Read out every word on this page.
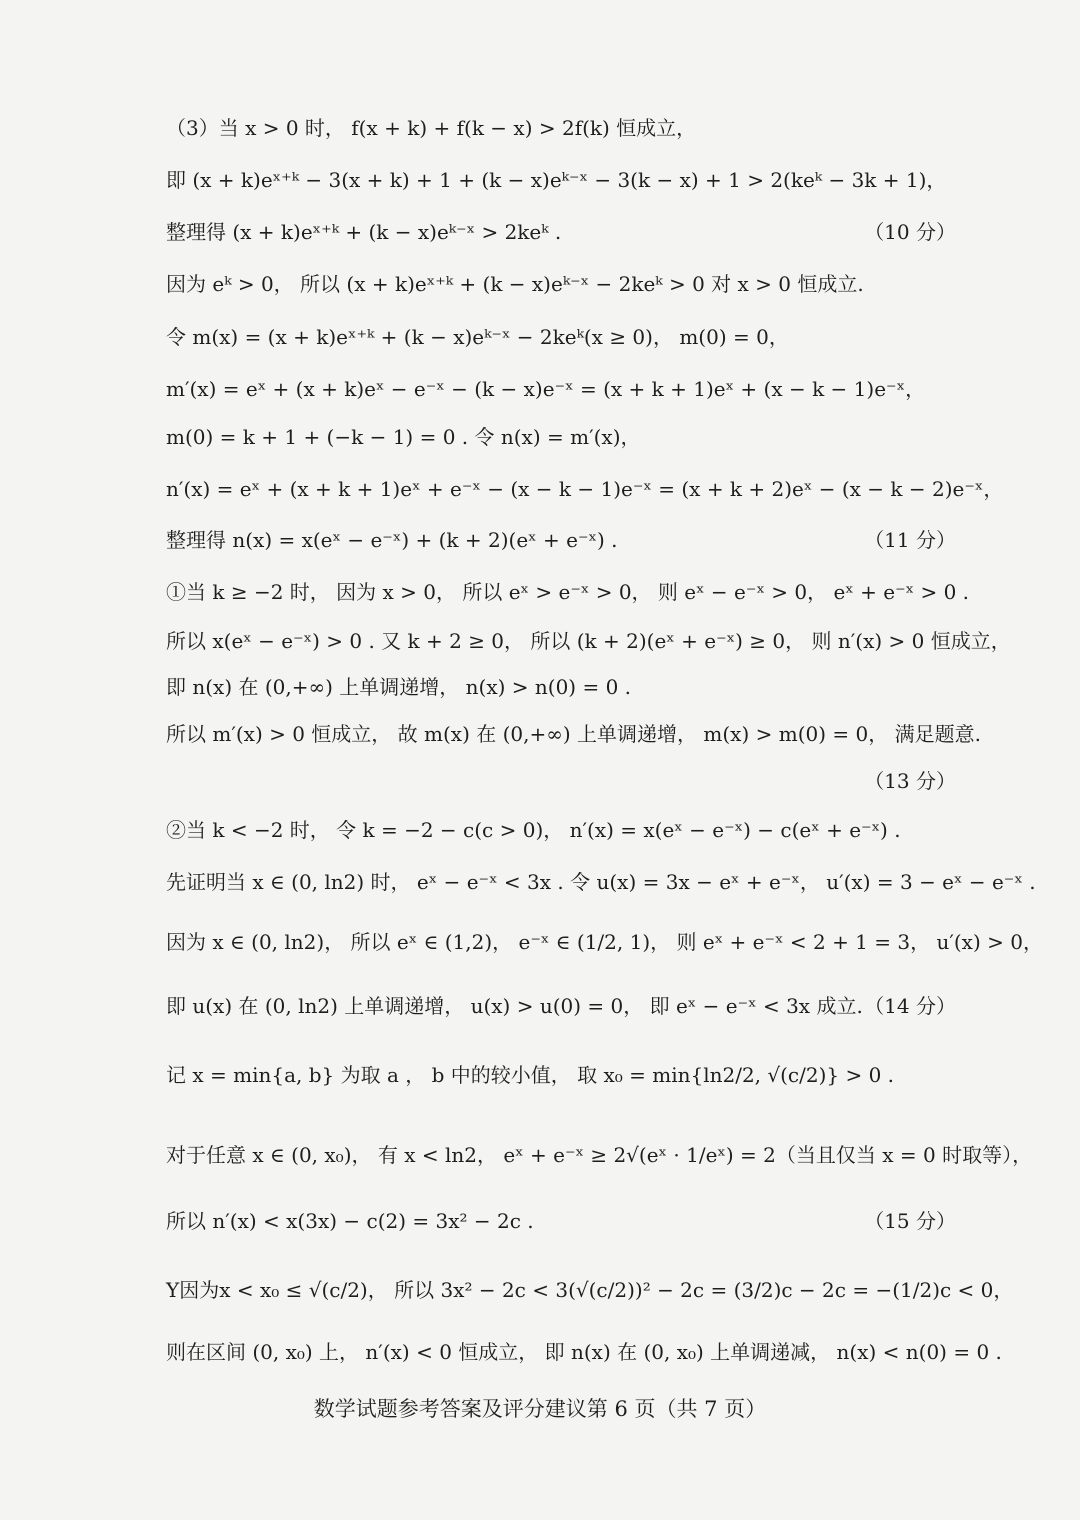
（3）当 x > 0 时， f(x + k) + f(k − x) > 2f(k) 恒成立，
即 (x + k)eˣ⁺ᵏ − 3(x + k) + 1 + (k − x)eᵏ⁻ˣ − 3(k − x) + 1 > 2(keᵏ − 3k + 1)，
整理得 (x + k)eˣ⁺ᵏ + (k − x)eᵏ⁻ˣ > 2keᵏ .	（10 分）
因为 eᵏ > 0， 所以 (x + k)eˣ⁺ᵏ + (k − x)eᵏ⁻ˣ − 2keᵏ > 0 对 x > 0 恒成立.
令 m(x) = (x + k)eˣ⁺ᵏ + (k − x)eᵏ⁻ˣ − 2keᵏ(x ≥ 0)， m(0) = 0，
m′(x) = eˣ + (x + k)eˣ − e⁻ˣ − (k − x)e⁻ˣ = (x + k + 1)eˣ + (x − k − 1)e⁻ˣ，
m(0) = k + 1 + (−k − 1) = 0 . 令 n(x) = m′(x)，
n′(x) = eˣ + (x + k + 1)eˣ + e⁻ˣ − (x − k − 1)e⁻ˣ = (x + k + 2)eˣ − (x − k − 2)e⁻ˣ，
整理得 n(x) = x(eˣ − e⁻ˣ) + (k + 2)(eˣ + e⁻ˣ) .	（11 分）
①当 k ≥ −2 时， 因为 x > 0， 所以 eˣ > e⁻ˣ > 0， 则 eˣ − e⁻ˣ > 0， eˣ + e⁻ˣ > 0 .
所以 x(eˣ − e⁻ˣ) > 0 . 又 k + 2 ≥ 0， 所以 (k + 2)(eˣ + e⁻ˣ) ≥ 0， 则 n′(x) > 0 恒成立，
即 n(x) 在 (0,+∞) 上单调递增， n(x) > n(0) = 0 .
所以 m′(x) > 0 恒成立， 故 m(x) 在 (0,+∞) 上单调递增， m(x) > m(0) = 0， 满足题意.
（13 分）
②当 k < −2 时， 令 k = −2 − c(c > 0)， n′(x) = x(eˣ − e⁻ˣ) − c(eˣ + e⁻ˣ) .
先证明当 x ∈ (0, ln2) 时， eˣ − e⁻ˣ < 3x . 令 u(x) = 3x − eˣ + e⁻ˣ， u′(x) = 3 − eˣ − e⁻ˣ .
因为 x ∈ (0, ln2)， 所以 eˣ ∈ (1,2)， e⁻ˣ ∈ (1/2, 1)， 则 eˣ + e⁻ˣ < 2 + 1 = 3， u′(x) > 0，
即 u(x) 在 (0, ln2) 上单调递增， u(x) > u(0) = 0， 即 eˣ − e⁻ˣ < 3x 成立. （14 分）
记 x = min{a, b} 为取 a ， b 中的较小值， 取 x₀ = min{ln2/2, √(c/2)} > 0 .
对于任意 x ∈ (0, x₀)， 有 x < ln2， eˣ + e⁻ˣ ≥ 2√(eˣ · 1/eˣ) = 2（当且仅当 x = 0 时取等），
所以 n′(x) < x(3x) − c(2) = 3x² − 2c .	（15 分）
Y因为x < x₀ ≤ √(c/2)， 所以 3x² − 2c < 3(√(c/2))² − 2c = (3/2)c − 2c = −(1/2)c < 0，
则在区间 (0, x₀) 上， n′(x) < 0 恒成立， 即 n(x) 在 (0, x₀) 上单调递减， n(x) < n(0) = 0 .
数学试题参考答案及评分建议第 6 页（共 7 页）
